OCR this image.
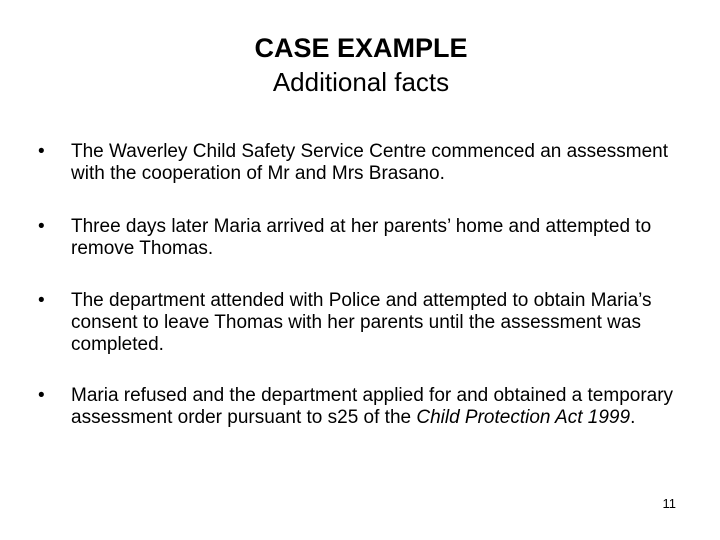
CASE EXAMPLE
Additional facts
• The Waverley Child Safety Service Centre commenced an assessment with the cooperation of Mr and Mrs Brasano.
• Three days later Maria arrived at her parents’ home and attempted to remove Thomas.
• The department attended with Police and attempted to obtain Maria’s consent to leave Thomas with her parents until the assessment was completed.
• Maria refused and the department applied for and obtained a temporary assessment order pursuant to s25 of the Child Protection Act 1999.
11
